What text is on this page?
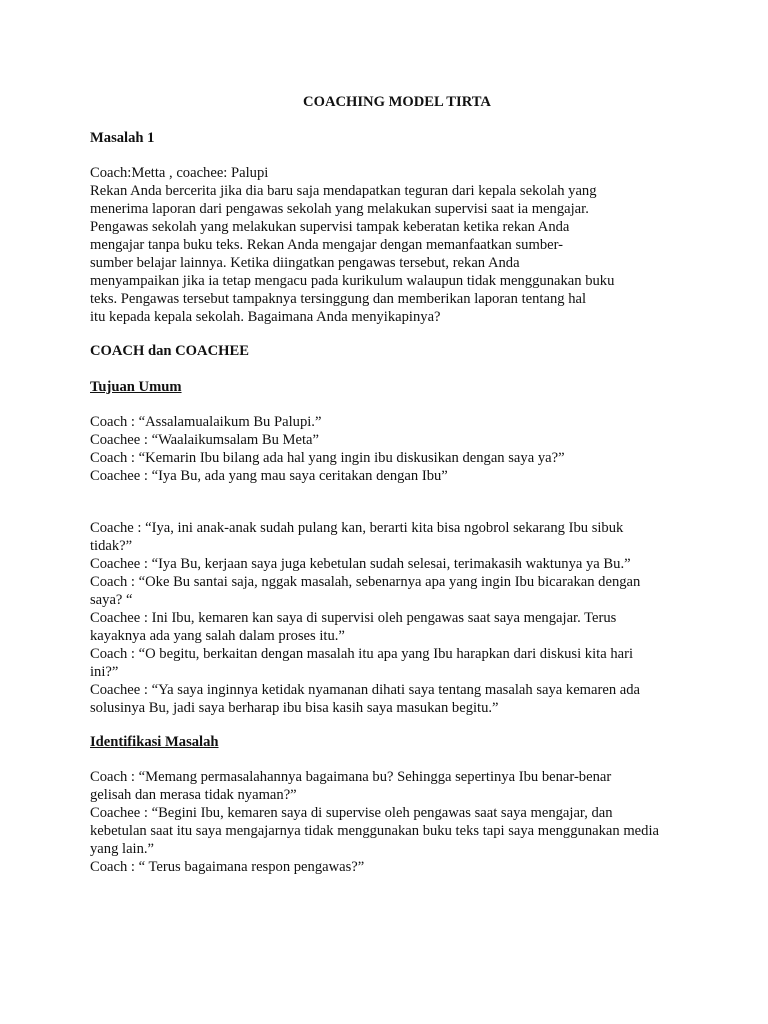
COACHING MODEL TIRTA
Masalah 1
Coach:Metta , coachee: Palupi
Rekan Anda bercerita jika dia baru saja mendapatkan teguran dari kepala sekolah yang
menerima laporan dari pengawas sekolah yang melakukan supervisi saat ia mengajar.
Pengawas sekolah yang melakukan supervisi tampak keberatan ketika rekan Anda
mengajar tanpa buku teks. Rekan Anda mengajar dengan memanfaatkan sumber-
sumber belajar lainnya. Ketika diingatkan pengawas tersebut, rekan Anda
menyampaikan jika ia tetap mengacu pada kurikulum walaupun tidak menggunakan buku
teks. Pengawas tersebut tampaknya tersinggung dan memberikan laporan tentang hal
itu kepada kepala sekolah. Bagaimana Anda menyikapinya?
COACH dan COACHEE
Tujuan Umum
Coach : “Assalamualaikum Bu Palupi.”
Coachee : “Waalaikumsalam Bu Meta”
Coach : “Kemarin Ibu bilang ada hal yang ingin ibu diskusikan dengan saya ya?”
Coachee : “Iya Bu, ada yang mau saya ceritakan dengan Ibu”
Coache : “Iya, ini anak-anak sudah pulang kan, berarti kita bisa ngobrol sekarang Ibu sibuk
tidak?”
Coachee : “Iya Bu, kerjaan saya juga kebetulan sudah selesai, terimakasih waktunya ya Bu.”
Coach : “Oke Bu santai saja, nggak masalah, sebenarnya apa yang ingin Ibu bicarakan dengan
saya? “
Coachee : Ini Ibu, kemaren kan saya di supervisi oleh pengawas saat saya mengajar. Terus
kayaknya ada yang salah dalam proses itu.”
Coach : “O begitu, berkaitan dengan masalah itu apa yang Ibu harapkan dari diskusi kita hari
ini?”
Coachee : “Ya saya inginnya ketidak nyamanan dihati saya tentang masalah saya kemaren ada
solusinya Bu, jadi saya berharap ibu bisa kasih saya masukan begitu.”
Identifikasi Masalah
Coach : “Memang permasalahannya bagaimana bu? Sehingga sepertinya Ibu benar-benar
gelisah dan merasa tidak nyaman?”
Coachee : “Begini Ibu, kemaren saya di supervise oleh pengawas saat saya mengajar, dan
kebetulan saat itu saya mengajarnya tidak menggunakan buku teks tapi saya menggunakan media
yang lain.”
Coach : “ Terus bagaimana respon pengawas?”
